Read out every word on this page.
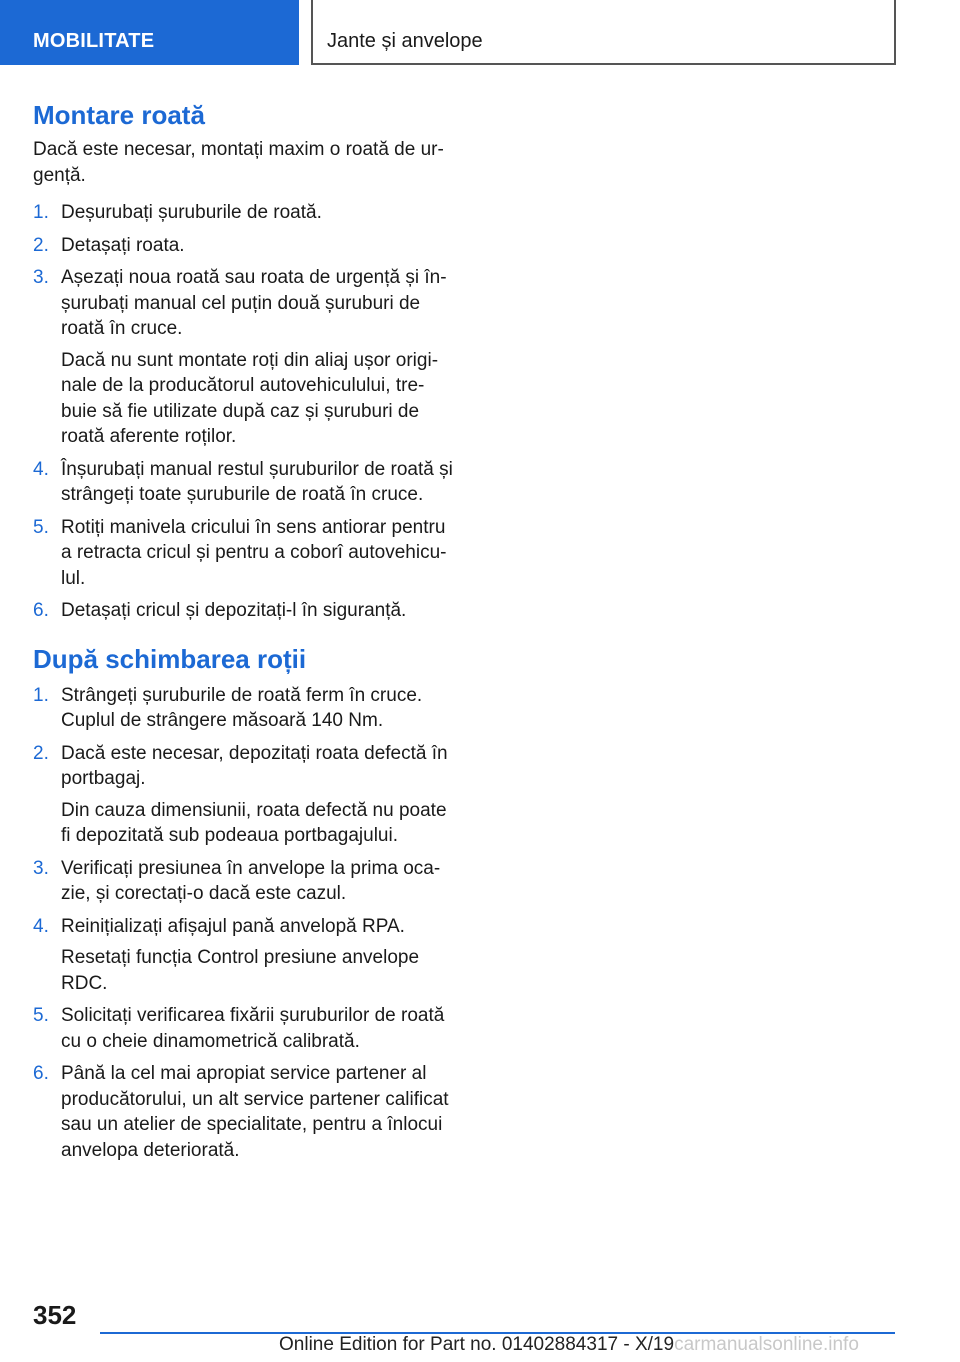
MOBILITATE	Jante și anvelope
Montare roată

Dacă este necesar, montați maxim o roată de ur-gență.

1. Deșurubați șuruburile de roată.
2. Detașați roata.
3. Așezați noua roată sau roata de urgență și în-șurubați manual cel puțin două șuruburi de roată în cruce.
Dacă nu sunt montate roți din aliaj ușor origi-nale de la producătorul autovehiculului, tre-buie să fie utilizate după caz și șuruburi de roată aferente roților.
4. Înșurubați manual restul șuruburilor de roată și strângeți toate șuruburile de roată în cruce.
5. Rotiți manivela cricului în sens antiorar pentru a retracta cricul și pentru a coborî autovehicu-lul.
6. Detașați cricul și depozitați-l în siguranță.
După schimbarea roții
1. Strângeți șuruburile de roată ferm în cruce. Cuplul de strângere măsoară 140 Nm.
2. Dacă este necesar, depozitați roata defectă în portbagaj.
Din cauza dimensiunii, roata defectă nu poate fi depozitată sub podeaua portbagajului.
3. Verificați presiunea în anvelope la prima oca-zie, și corectați-o dacă este cazul.
4. Reinițializați afișajul pană anvelopă RPA.
Resetați funcția Control presiune anvelope RDC.
5. Solicitați verificarea fixării șuruburilor de roată cu o cheie dinamometrică calibrată.
6. Până la cel mai apropiat service partener al producătorului, un alt service partener calificat sau un atelier de specialitate, pentru a înlocui anvelopa deteriorată.
352
Online Edition for Part no. 01402884317 - X/19carmanualsonline.info
